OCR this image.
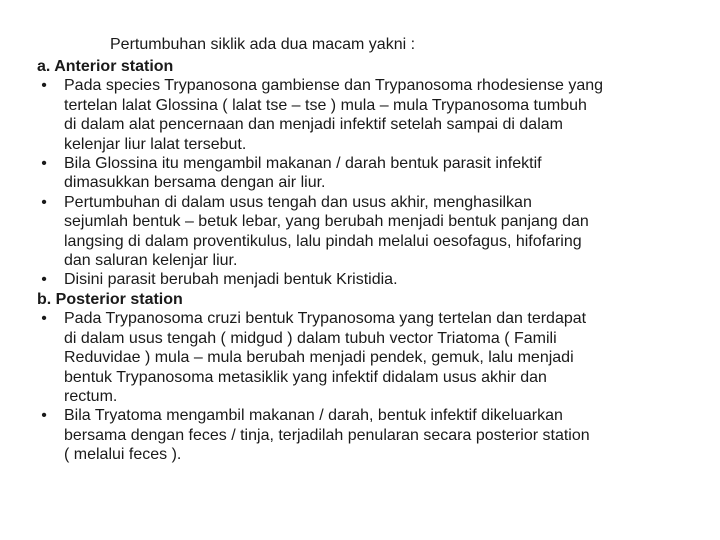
Pertumbuhan siklik ada dua macam yakni :

a. Anterior station

• Pada species Trypanosona gambiense dan Trypanosoma rhodesiense yang
tertelan lalat Glossina ( lalat tse – tse ) mula – mula Trypanosoma tumbuh
di dalam alat pencernaan dan menjadi infektif setelah sampai di dalam
kelenjar liur lalat tersebut.
• Bila Glossina itu mengambil makanan / darah bentuk parasit infektif
dimasukkan bersama dengan air liur.
• Pertumbuhan di dalam usus tengah dan usus akhir, menghasilkan
sejumlah bentuk – betuk lebar, yang berubah menjadi bentuk panjang dan
langsing di dalam proventikulus, lalu pindah melalui oesofagus, hifofaring
dan saluran kelenjar liur.
• Disini parasit berubah menjadi bentuk Kristidia.

b. Posterior station

• Pada Trypanosoma cruzi bentuk Trypanosoma yang tertelan dan terdapat
di dalam usus tengah ( midgud ) dalam tubuh vector Triatoma ( Famili
Reduvidae ) mula – mula berubah menjadi pendek, gemuk, lalu menjadi
bentuk Trypanosoma metasiklik yang infektif didalam usus akhir dan
rectum.
• Bila Tryatoma mengambil makanan / darah, bentuk infektif dikeluarkan
bersama dengan feces / tinja, terjadilah penularan secara posterior station
( melalui feces ).
